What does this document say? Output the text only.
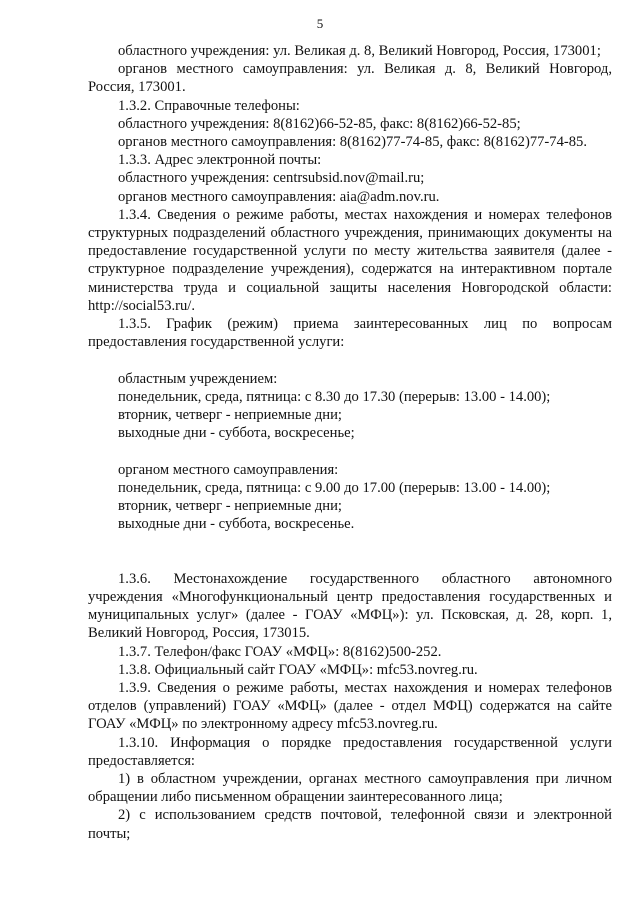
5

областного учреждения: ул. Великая д. 8, Великий Новгород, Россия, 173001;

органов местного самоуправления: ул. Великая д. 8, Великий Новгород, Россия, 173001.

1.3.2. Справочные телефоны:

областного учреждения: 8(8162)66-52-85, факс: 8(8162)66-52-85;

органов местного самоуправления: 8(8162)77-74-85, факс: 8(8162)77-74-85.

1.3.3. Адрес электронной почты:

областного учреждения: centrsubsid.nov@mail.ru;

органов местного самоуправления: aia@adm.nov.ru.

1.3.4. Сведения о режиме работы, местах нахождения и номерах телефонов структурных подразделений областного учреждения, принимающих документы на предоставление государственной услуги по месту жительства заявителя (далее - структурное подразделение учреждения), содержатся на интерактивном портале министерства труда и социальной защиты населения Новгородской области: http://social53.ru/.

1.3.5. График (режим) приема заинтересованных лиц по вопросам предоставления государственной услуги:

областным учреждением:

понедельник, среда, пятница: с 8.30 до 17.30 (перерыв: 13.00 - 14.00);

вторник, четверг - неприемные дни;

выходные дни - суббота, воскресенье;

органом местного самоуправления:

понедельник, среда, пятница: с 9.00 до 17.00 (перерыв: 13.00 - 14.00);

вторник, четверг - неприемные дни;

выходные дни - суббота, воскресенье.

1.3.6. Местонахождение государственного областного автономного учреждения «Многофункциональный центр предоставления государственных и муниципальных услуг» (далее - ГОАУ «МФЦ»): ул. Псковская, д. 28, корп. 1, Великий Новгород, Россия, 173015.

1.3.7. Телефон/факс ГОАУ «МФЦ»: 8(8162)500-252.

1.3.8. Официальный сайт ГОАУ «МФЦ»: mfc53.novreg.ru.

1.3.9. Сведения о режиме работы, местах нахождения и номерах телефонов отделов (управлений) ГОАУ «МФЦ» (далее - отдел МФЦ) содержатся на сайте ГОАУ «МФЦ» по электронному адресу mfc53.novreg.ru.

1.3.10. Информация о порядке предоставления государственной услуги предоставляется:

1) в областном учреждении, органах местного самоуправления при личном обращении либо письменном обращении заинтересованного лица;

2) с использованием средств почтовой, телефонной связи и электронной почты;
